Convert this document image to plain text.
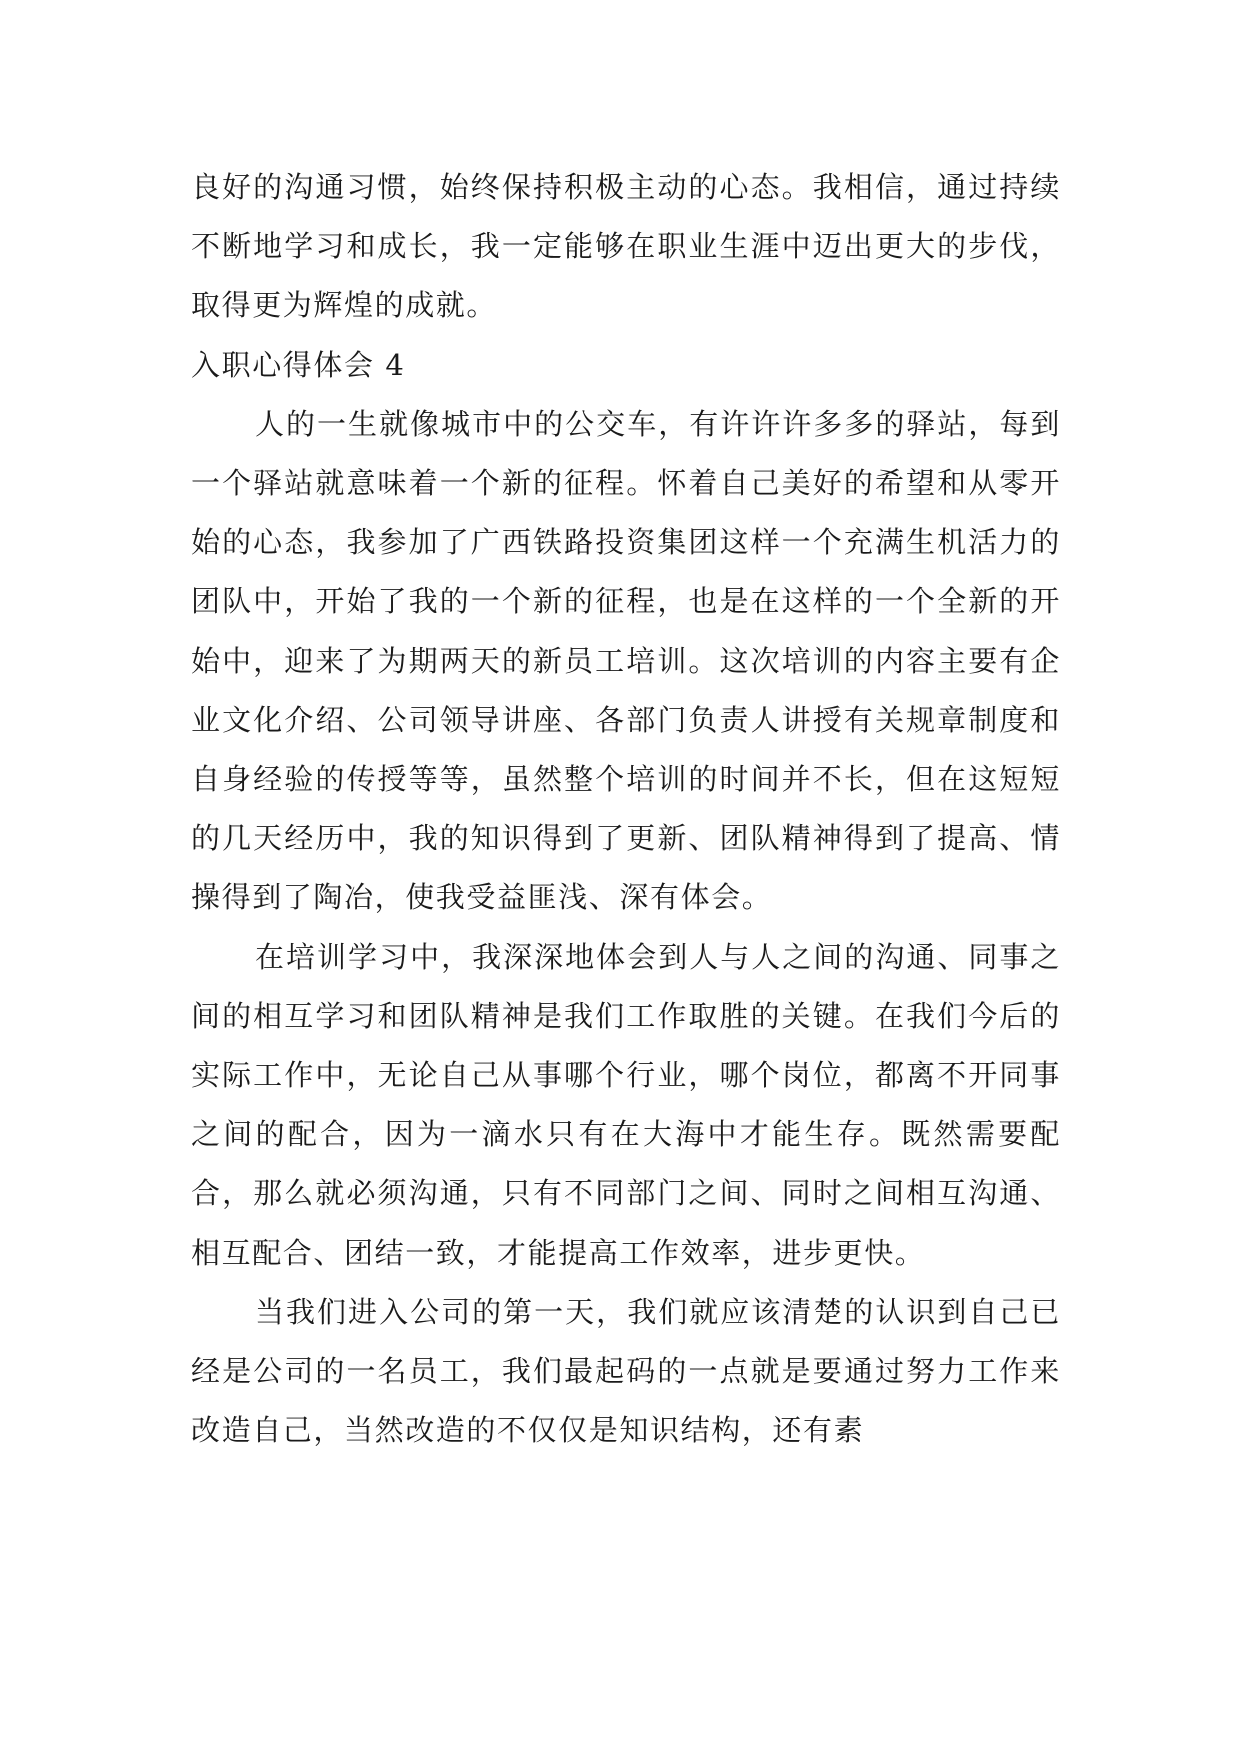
良好的沟通习惯，始终保持积极主动的心态。我相信，通过持续不断地学习和成长，我一定能够在职业生涯中迈出更大的步伐，取得更为辉煌的成就。

入职心得体会 4

人的一生就像城市中的公交车，有许许许多多的驿站，每到一个驿站就意味着一个新的征程。怀着自己美好的希望和从零开始的心态，我参加了广西铁路投资集团这样一个充满生机活力的团队中，开始了我的一个新的征程，也是在这样的一个全新的开始中，迎来了为期两天的新员工培训。这次培训的内容主要有企业文化介绍、公司领导讲座、各部门负责人讲授有关规章制度和自身经验的传授等等，虽然整个培训的时间并不长，但在这短短的几天经历中，我的知识得到了更新、团队精神得到了提高、情操得到了陶冶，使我受益匪浅、深有体会。

在培训学习中，我深深地体会到人与人之间的沟通、同事之间的相互学习和团队精神是我们工作取胜的关键。在我们今后的实际工作中，无论自己从事哪个行业，哪个岗位，都离不开同事之间的配合，因为一滴水只有在大海中才能生存。既然需要配合，那么就必须沟通，只有不同部门之间、同时之间相互沟通、相互配合、团结一致，才能提高工作效率，进步更快。

当我们进入公司的第一天，我们就应该清楚的认识到自己已经是公司的一名员工，我们最起码的一点就是要通过努力工作来改造自己，当然改造的不仅仅是知识结构，还有素
